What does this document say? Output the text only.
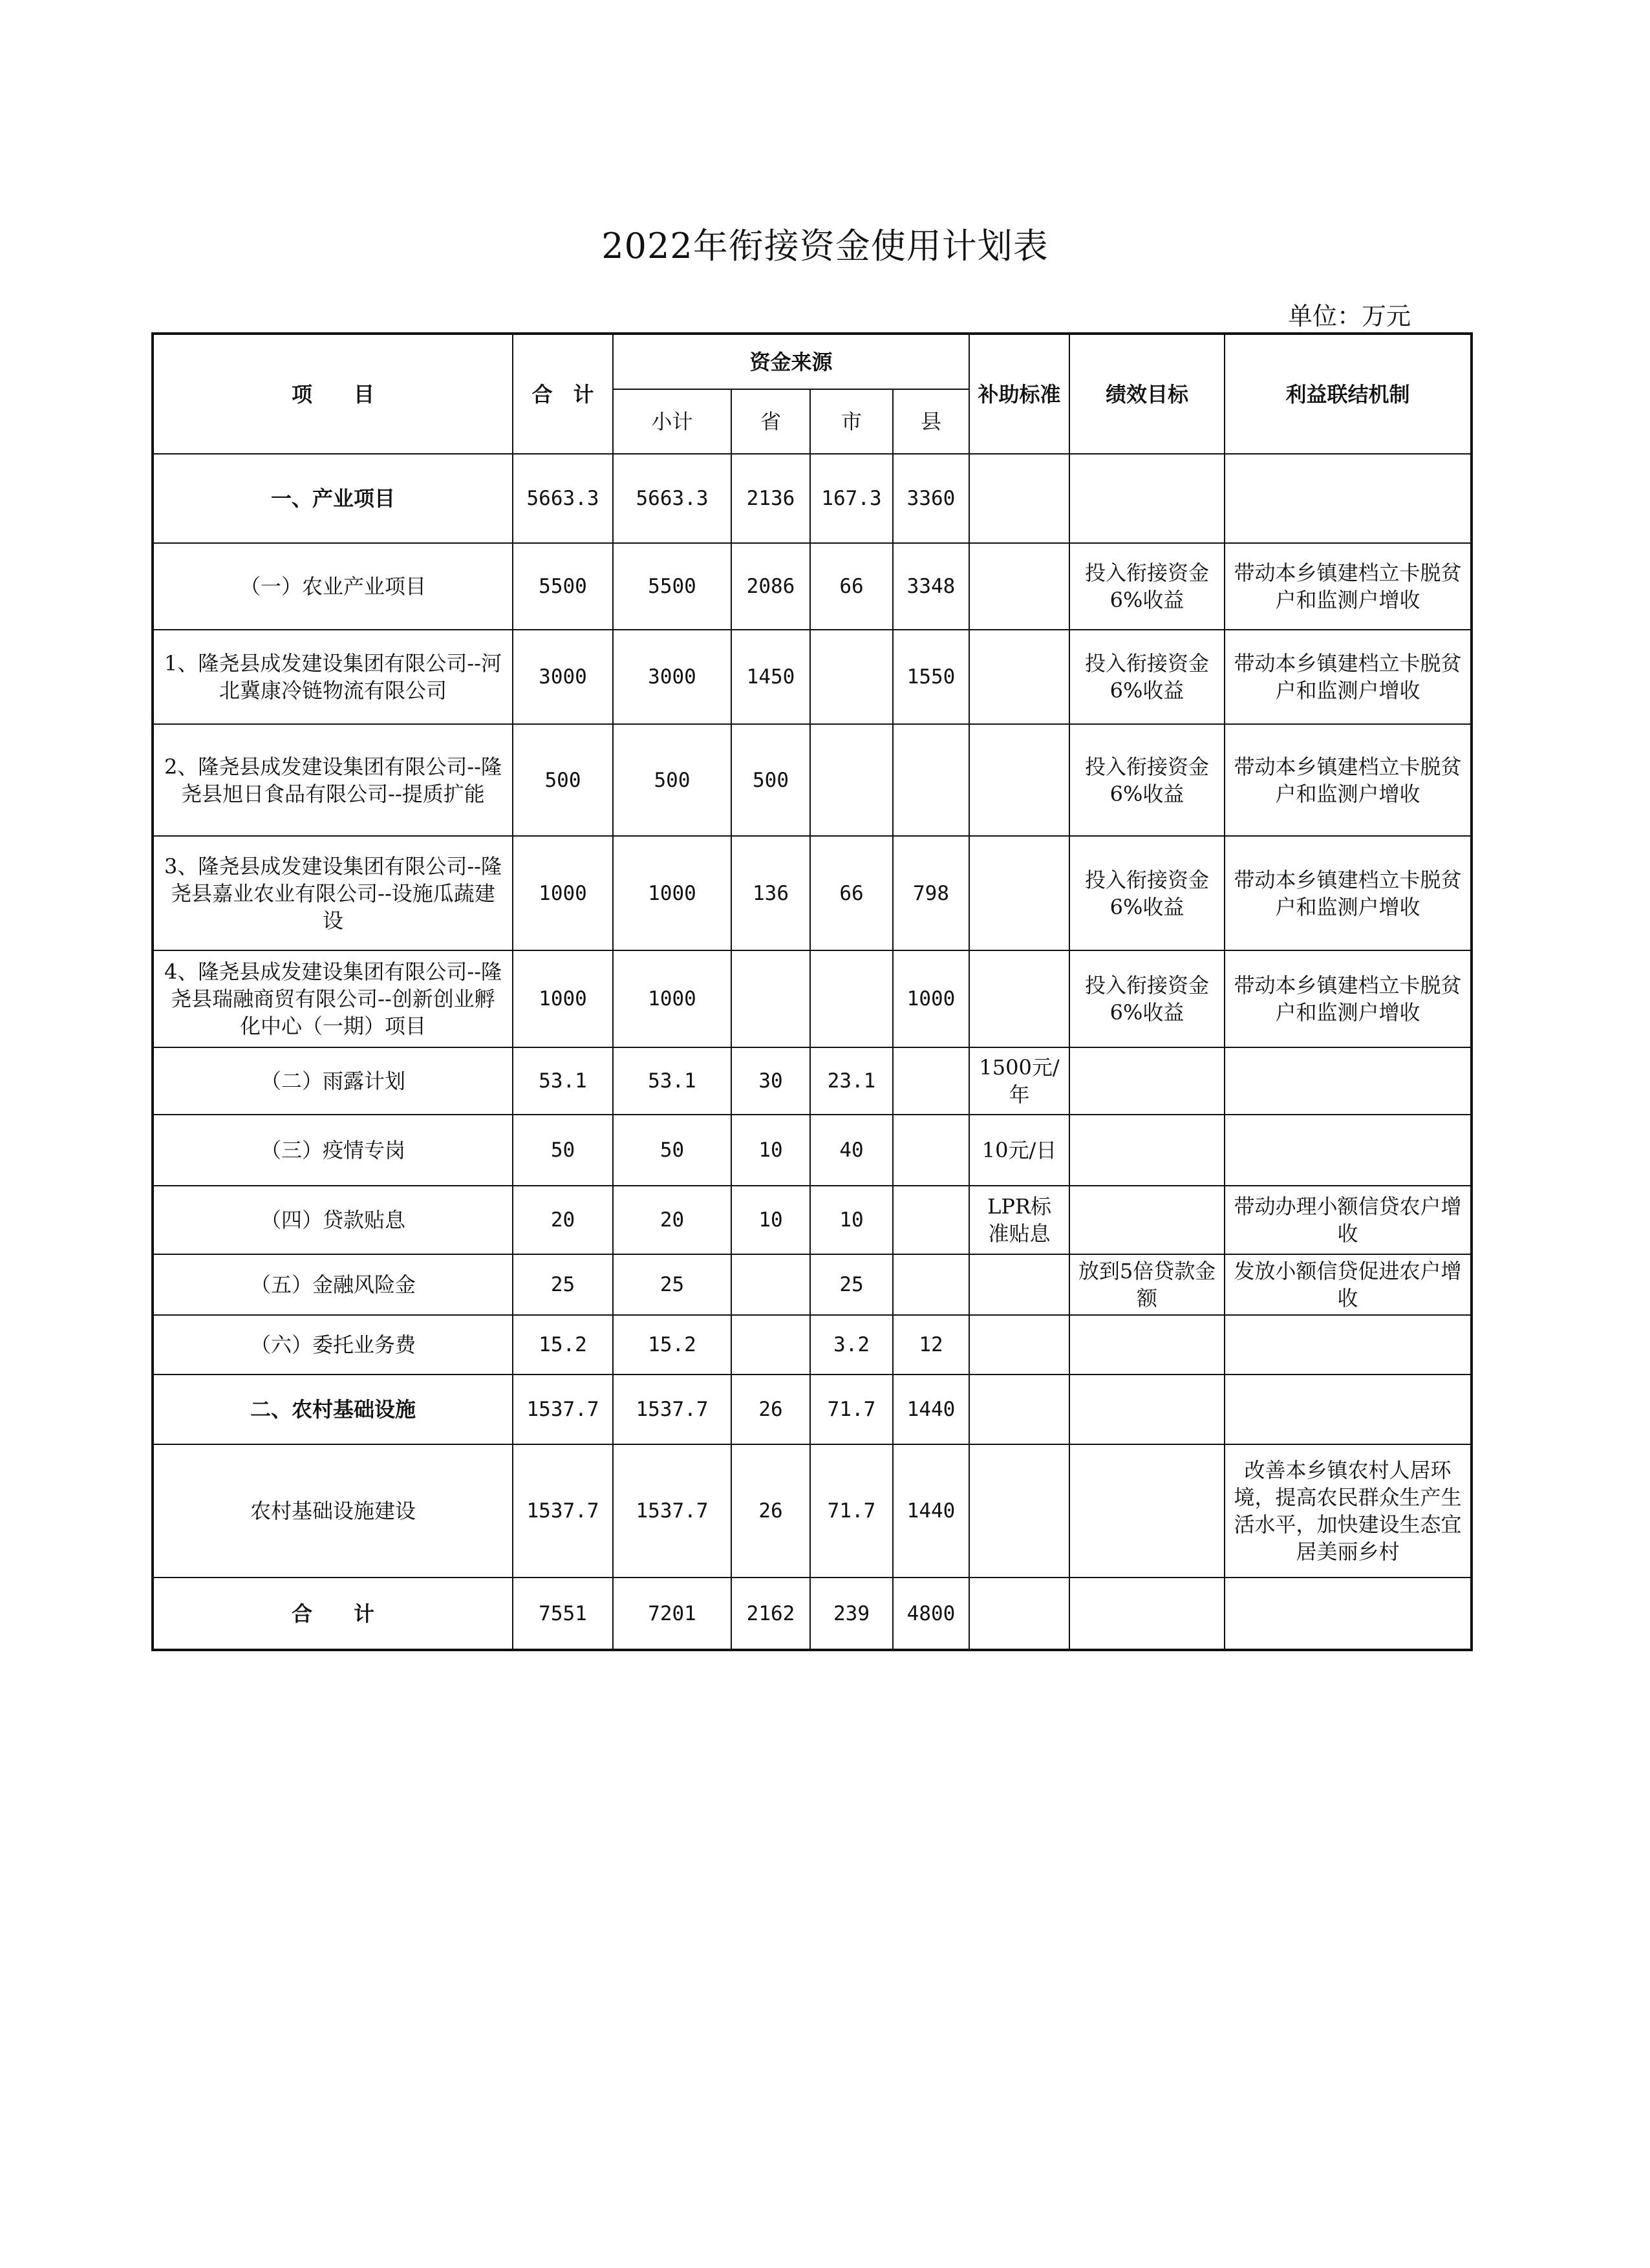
2022年衔接资金使用计划表
单位：万元
项　　目	合　计	资金来源				补助标准	绩效目标	利益联结机制
		小计	省	市	县			
一、产业项目	5663.3	5663.3	2136	167.3	3360			
（一）农业产业项目	5500	5500	2086	66	3348		投入衔接资金6%收益	带动本乡镇建档立卡脱贫户和监测户增收
1、隆尧县成发建设集团有限公司--河北冀康冷链物流有限公司	3000	3000	1450		1550		投入衔接资金6%收益	带动本乡镇建档立卡脱贫户和监测户增收
2、隆尧县成发建设集团有限公司--隆尧县旭日食品有限公司--提质扩能	500	500	500				投入衔接资金6%收益	带动本乡镇建档立卡脱贫户和监测户增收
3、隆尧县成发建设集团有限公司--隆尧县嘉业农业有限公司--设施瓜蔬建设	1000	1000	136	66	798		投入衔接资金6%收益	带动本乡镇建档立卡脱贫户和监测户增收
4、隆尧县成发建设集团有限公司--隆尧县瑞融商贸有限公司--创新创业孵化中心（一期）项目	1000	1000			1000		投入衔接资金6%收益	带动本乡镇建档立卡脱贫户和监测户增收
（二）雨露计划	53.1	53.1	30	23.1		1500元/年		
（三）疫情专岗	50	50	10	40		10元/日		
（四）贷款贴息	20	20	10	10		LPR标准贴息		带动办理小额信贷农户增收
（五）金融风险金	25	25		25			放到5倍贷款金额	发放小额信贷促进农户增收
（六）委托业务费	15.2	15.2		3.2	12			
二、农村基础设施	1537.7	1537.7	26	71.7	1440			
农村基础设施建设	1537.7	1537.7	26	71.7	1440			改善本乡镇农村人居环境，提高农民群众生产生活水平，加快建设生态宜居美丽乡村
合　　计	7551	7201	2162	239	4800			
